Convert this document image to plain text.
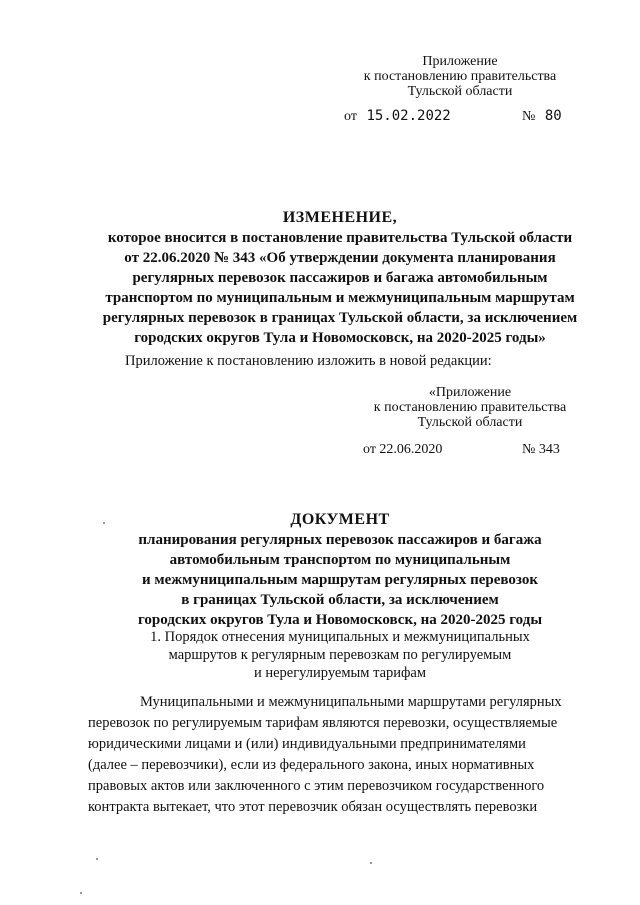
Приложение
к постановлению правительства
Тульской области
от 15.02.2022	№ 80
ИЗМЕНЕНИЕ,
которое вносится в постановление правительства Тульской области
от 22.06.2020 № 343 «Об утверждении документа планирования
регулярных перевозок пассажиров и багажа автомобильным
транспортом по муниципальным и межмуниципальным маршрутам
регулярных перевозок в границах Тульской области, за исключением
городских округов Тула и Новомосковск, на 2020-2025 годы»
Приложение к постановлению изложить в новой редакции:
«Приложение
к постановлению правительства
Тульской области
от 22.06.2020	№ 343
ДОКУМЕНТ
планирования регулярных перевозок пассажиров и багажа
автомобильным транспортом по муниципальным
и межмуниципальным маршрутам регулярных перевозок
в границах Тульской области, за исключением
городских округов Тула и Новомосковск, на 2020-2025 годы
1. Порядок отнесения муниципальных и межмуниципальных
маршрутов к регулярным перевозкам по регулируемым
и нерегулируемым тарифам
Муниципальными и межмуниципальными маршрутами регулярных
перевозок по регулируемым тарифам являются перевозки, осуществляемые
юридическими лицами и (или) индивидуальными предпринимателями
(далее – перевозчики), если из федерального закона, иных нормативных
правовых актов или заключенного с этим перевозчиком государственного
контракта вытекает, что этот перевозчик обязан осуществлять перевозки
